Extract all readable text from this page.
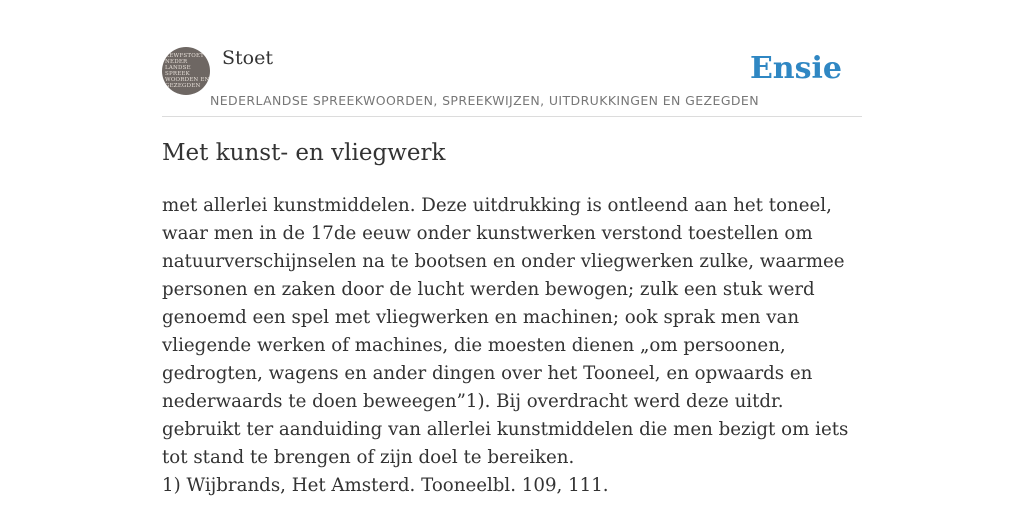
KEWFSTOET
NEDER
LANDSE
SPREEK
WOORDEN EN
GEZEGDEN
Stoet	Ensie
NEDERLANDSE SPREEKWOORDEN, SPREEKWIJZEN, UITDRUKKINGEN EN GEZEGDEN
Met kunst- en vliegwerk

met allerlei kunstmiddelen. Deze uitdrukking is ontleend aan het toneel, waar men in de 17de eeuw onder kunstwerken verstond toestellen om natuurverschijnselen na te bootsen en onder vliegwerken zulke, waarmee personen en zaken door de lucht werden bewogen; zulk een stuk werd genoemd een spel met vliegwerken en machinen; ook sprak men van vliegende werken of machines, die moesten dienen „om persoonen, gedrogten, wagens en ander dingen over het Tooneel, en opwaards en nederwaards te doen beweegen”1). Bij overdracht werd deze uitdr. gebruikt ter aanduiding van allerlei kunstmiddelen die men bezigt om iets tot stand te brengen of zijn doel te bereiken.

1) Wijbrands, Het Amsterd. Tooneelbl. 109, 111.
